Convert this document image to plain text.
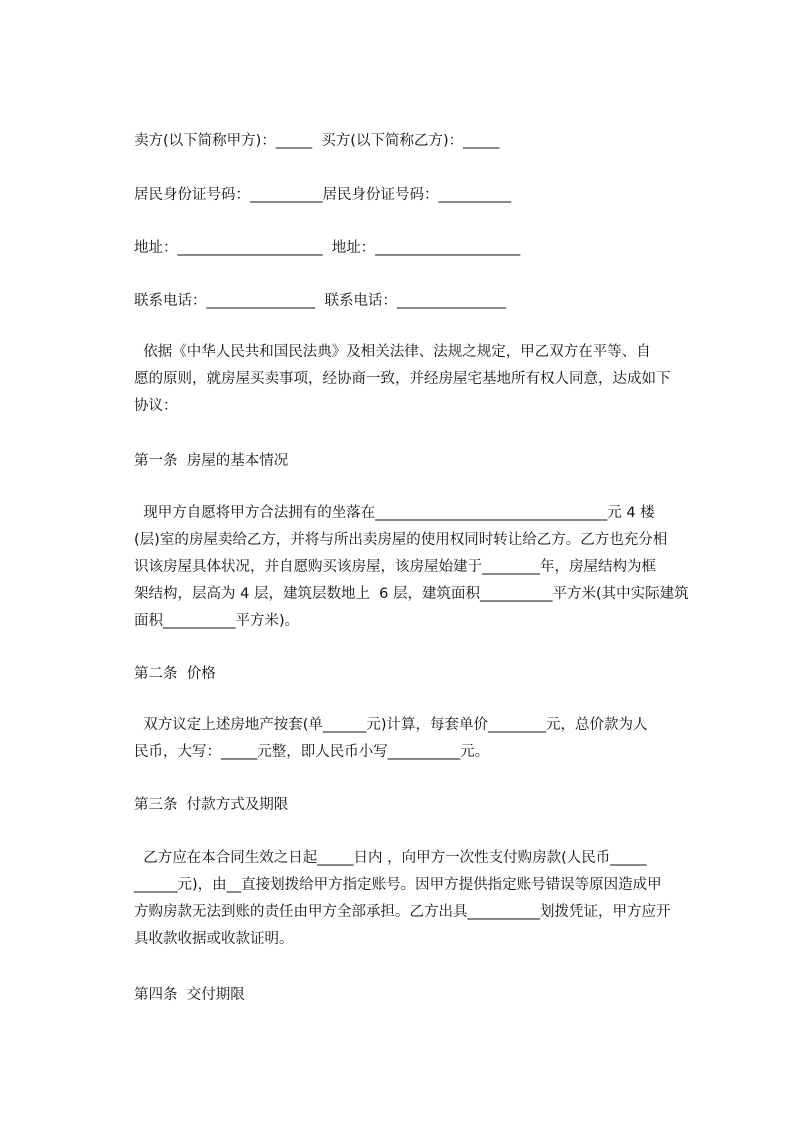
卖方(以下简称甲方)：_____  买方(以下简称乙方)：_____
居民身份证号码：__________居民身份证号码：__________
地址：____________________  地址：____________________
联系电话：_______________  联系电话：_______________
依据《中华人民共和国民法典》及相关法律、法规之规定，甲乙双方在平等、自
愿的原则，就房屋买卖事项，经协商一致，并经房屋宅基地所有权人同意，达成如下
协议：
第一条  房屋的基本情况
现甲方自愿将甲方合法拥有的坐落在________________________________元 4 楼
(层)室的房屋卖给乙方，并将与所出卖房屋的使用权同时转让给乙方。乙方也充分相
识该房屋具体状况，并自愿购买该房屋，该房屋始建于________年，房屋结构为框
架结构，层高为 4 层，建筑层数地上  6 层，建筑面积__________平方米(其中实际建筑
面积__________平方米)。
第二条  价格
双方议定上述房地产按套(单______元)计算，每套单价________元，总价款为人
民币，大写：_____元整，即人民币小写__________元。
第三条  付款方式及期限
乙方应在本合同生效之日起_____日内 ，向甲方一次性支付购房款(人民币_____
______元)，由__直接划拨给甲方指定账号。因甲方提供指定账号错误等原因造成甲
方购房款无法到账的责任由甲方全部承担。乙方出具__________划拨凭证，甲方应开
具收款收据或收款证明。
第四条  交付期限
